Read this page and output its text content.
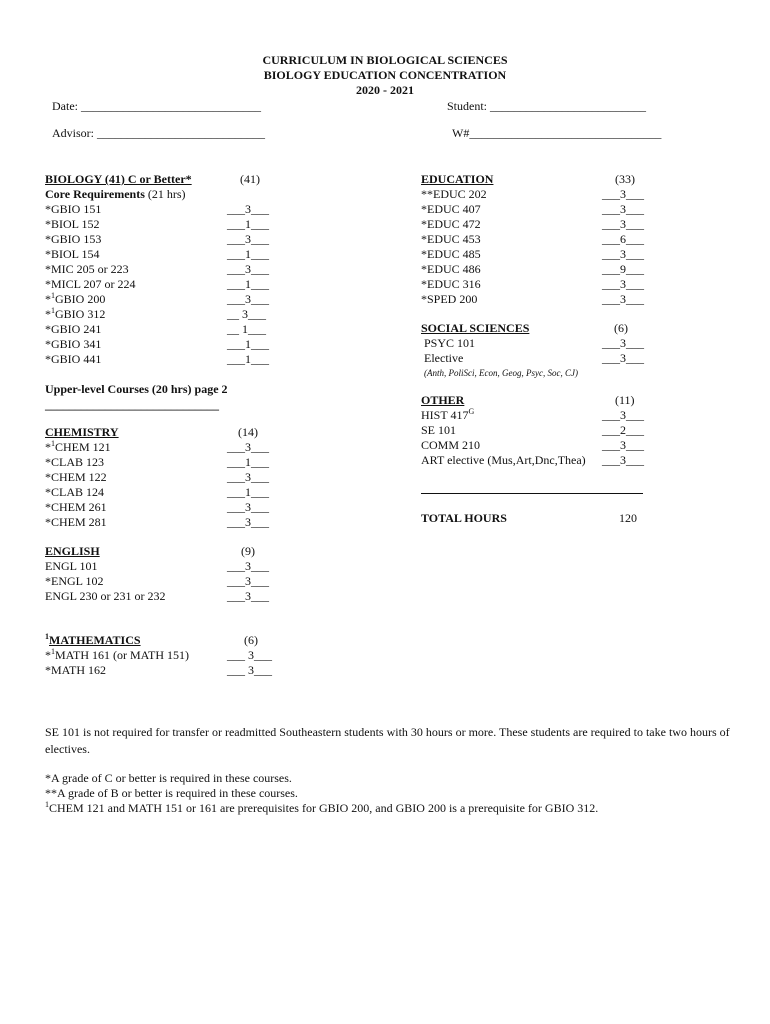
CURRICULUM IN BIOLOGICAL SCIENCES
BIOLOGY EDUCATION CONCENTRATION
2020 - 2021
Date: ______________________________	Student: __________________________
Advisor: ____________________________	W#________________________________
BIOLOGY (41) C or Better*	(41)
Core Requirements (21 hrs)
*GBIO 151	___3___
*BIOL 152	___1___
*GBIO 153	___3___
*BIOL 154	___1___
*MIC 205 or 223	___3___
*MICL 207 or 224	___1___
*$^1$GBIO 200	___3___
*$^1$GBIO 312	__ 3___
*GBIO 241	__ 1___
*GBIO 341	___1___
*GBIO 441	___1___
Upper-level Courses (20 hrs) page 2
_____________________________
CHEMISTRY	(14)
*$^1$CHEM 121	___3___
*CLAB 123	___1___
*CHEM 122	___3___
*CLAB 124	___1___
*CHEM 261	___3___
*CHEM 281	___3___
ENGLISH	(9)
ENGL 101	___3___
*ENGL 102	___3___
ENGL 230 or 231 or 232	___3___
$^1$MATHEMATICS	(6)
*$^1$MATH 161 (or MATH 151)	___ 3___
*MATH 162	___ 3___
EDUCATION	(33)
**EDUC 202	___3___
*EDUC 407	___3___
*EDUC 472	___3___
*EDUC 453	___6___
*EDUC 485	___3___
*EDUC 486	___9___
*EDUC 316	___3___
*SPED 200	___3___
SOCIAL SCIENCES	(6)
PSYC 101	___3___
Elective	___3___
(Anth, PoliSci, Econ, Geog, Psyc, Soc, CJ)
OTHER	(11)
HIST $417^G$	___3___
SE 101	___2___
COMM 210	___3___
ART elective (Mus,Art,Dnc,Thea) ___3___
TOTAL HOURS	120
SE 101 is not required for transfer or readmitted Southeastern students with 30 hours or more. These students are required to take two hours of electives.
*A grade of C or better is required in these courses.
**A grade of B or better is required in these courses.
$^1$CHEM 121 and MATH 151 or 161 are prerequisites for GBIO 200, and GBIO 200 is a prerequisite for GBIO 312.
